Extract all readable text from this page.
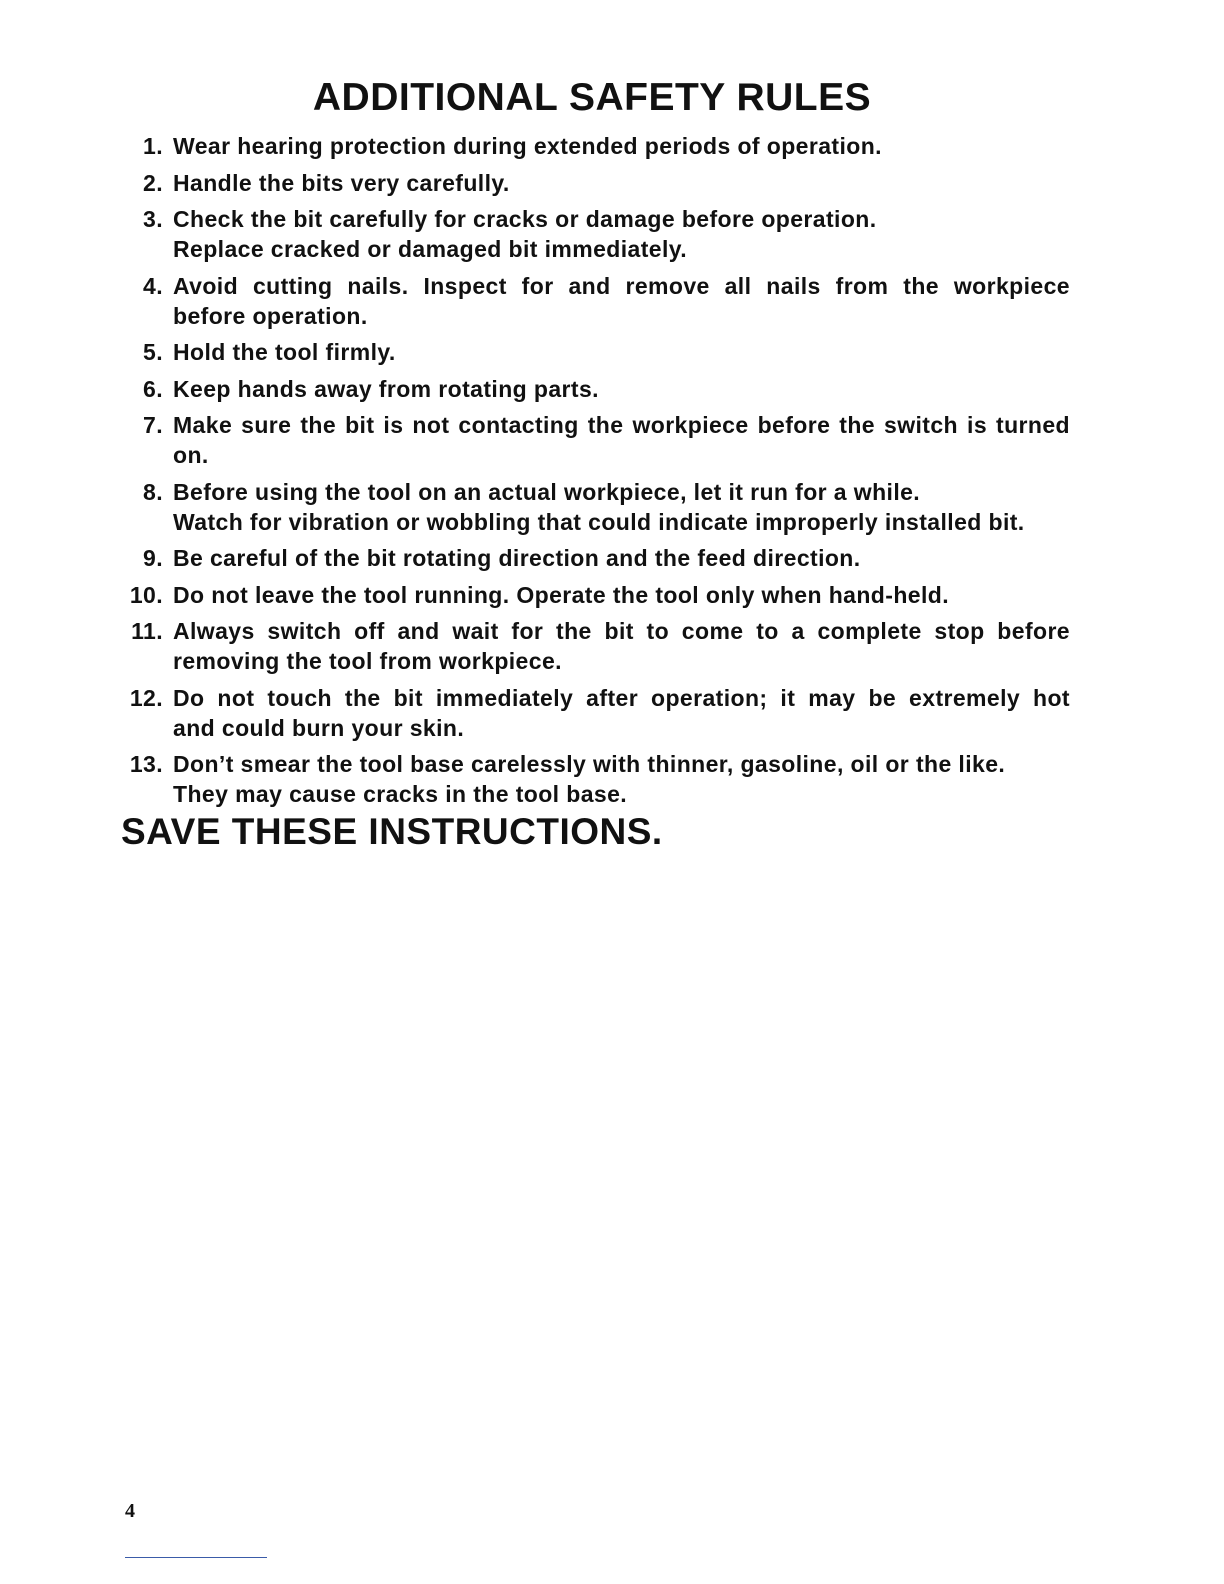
ADDITIONAL SAFETY RULES
1. Wear hearing protection during extended periods of operation.
2. Handle the bits very carefully.
3. Check the bit carefully for cracks or damage before operation.
Replace cracked or damaged bit immediately.
4. Avoid cutting nails. Inspect for and remove all nails from the workpiece
before operation.
5. Hold the tool firmly.
6. Keep hands away from rotating parts.
7. Make sure the bit is not contacting the workpiece before the switch is turned
on.
8. Before using the tool on an actual workpiece, let it run for a while.
Watch for vibration or wobbling that could indicate improperly installed bit.
9. Be careful of the bit rotating direction and the feed direction.
10. Do not leave the tool running. Operate the tool only when hand-held.
11. Always switch off and wait for the bit to come to a complete stop before
removing the tool from workpiece.
12. Do not touch the bit immediately after operation; it may be extremely hot
and could burn your skin.
13. Don’t smear the tool base carelessly with thinner, gasoline, oil or the like.
They may cause cracks in the tool base.
SAVE THESE INSTRUCTIONS.
4
